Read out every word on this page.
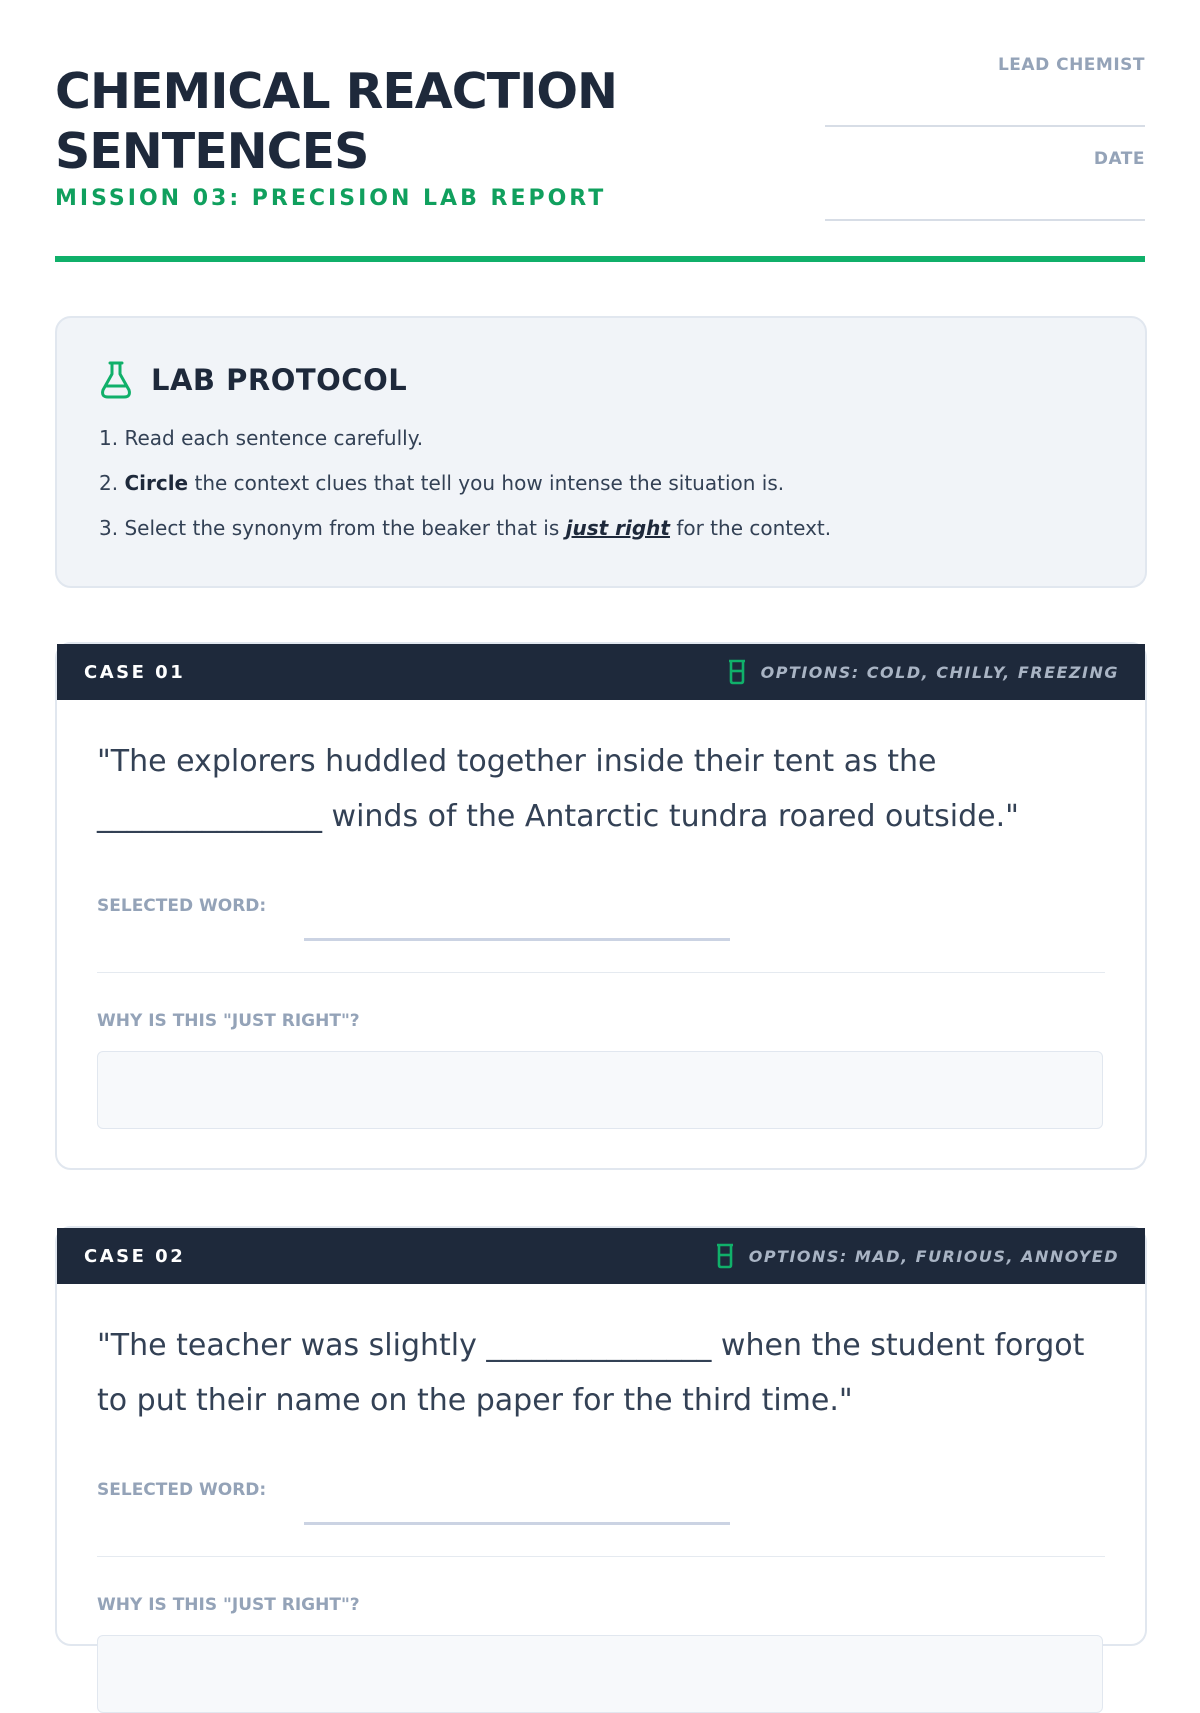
CHEMICAL REACTION SENTENCES
MISSION 03: PRECISION LAB REPORT
LEAD CHEMIST
DATE
LAB PROTOCOL
1. Read each sentence carefully.
2. Circle the context clues that tell you how intense the situation is.
3. Select the synonym from the beaker that is just right for the context.
CASE 01	OPTIONS: COLD, CHILLY, FREEZING

"The explorers huddled together inside their tent as the _______________ winds of the Antarctic tundra roared outside."

SELECTED WORD:
WHY IS THIS "JUST RIGHT"?
CASE 02	OPTIONS: MAD, FURIOUS, ANNOYED

"The teacher was slightly _______________ when the student forgot to put their name on the paper for the third time."

SELECTED WORD:
WHY IS THIS "JUST RIGHT"?
